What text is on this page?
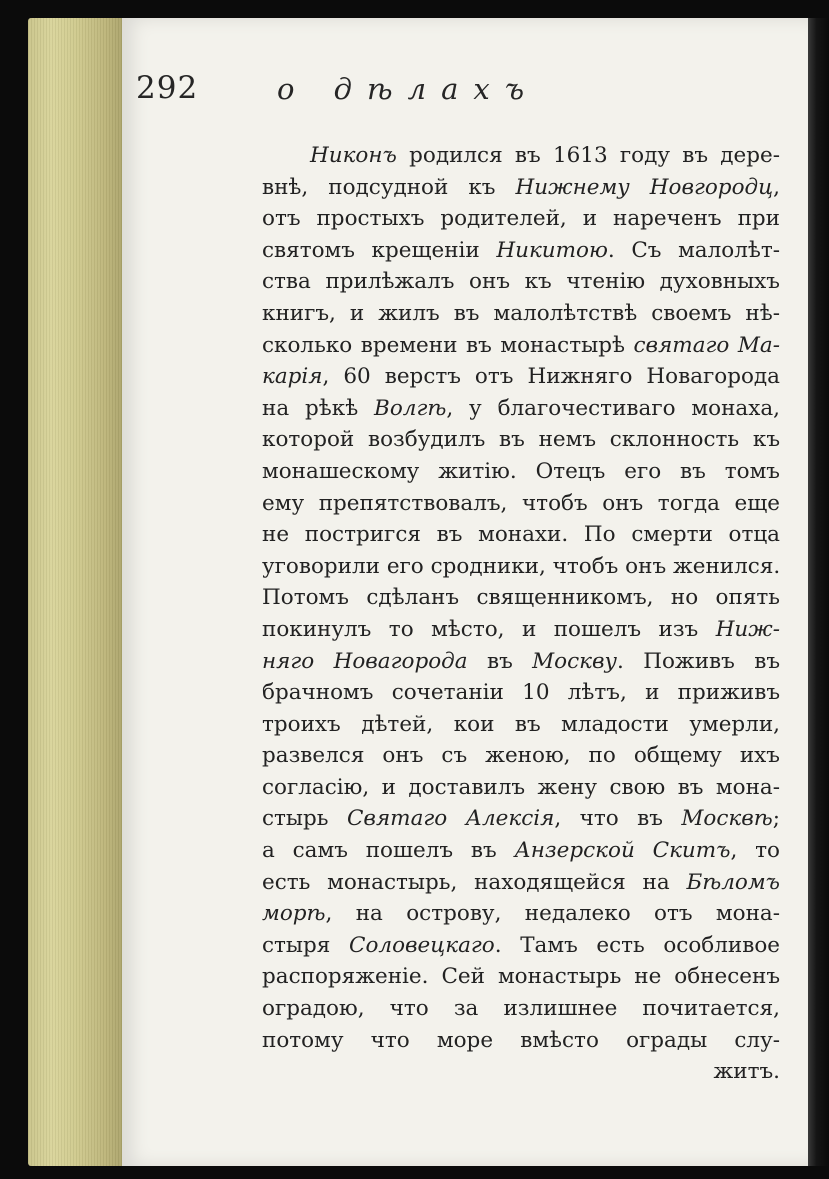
292	о дѣлахъ
Никонъ родился въ 1613 году въ дере-
внѣ, подсудной къ Нижнему Новгородц,
отъ простыхъ родителей, и нареченъ при
святомъ крещенiи Никитою. Съ малолѣт-
ства прилѣжалъ онъ къ чтенiю духовныхъ
книгъ, и жилъ въ малолѣтствѣ своемъ нѣ-
сколько времени въ монастырѣ святаго Ма-
карiя, 60 верстъ отъ Нижняго Новагорода
на рѣкѣ Волгѣ, у благочестиваго монаха,
которой возбудилъ въ немъ склонность къ
монашескому житiю. Отецъ его въ томъ
ему препятствовалъ, чтобъ онъ тогда еще
не постригся въ монахи. По смерти отца
уговорили его сродники, чтобъ онъ женился.
Потомъ сдѣланъ священникомъ, но опять
покинулъ то мѣсто, и пошелъ изъ Ниж-
няго Новагорода въ Москву. Поживъ въ
брачномъ сочетанiи 10 лѣтъ, и приживъ
троихъ дѣтей, кои въ младости умерли,
развелся онъ съ женою, по общему ихъ
согласiю, и доставилъ жену свою въ мона-
стырь Святаго Алексiя, что въ Москвѣ;
а самъ пошелъ въ Анзерской Скитъ, то
есть монастырь, находящейся на Бѣломъ
морѣ, на острову, недалеко отъ мона-
стыря Соловецкаго. Тамъ есть особливое
распоряженiе. Сей монастырь не обнесенъ
оградою, что за излишнее почитается,
потому что море вмѣсто ограды слу-
житъ.
